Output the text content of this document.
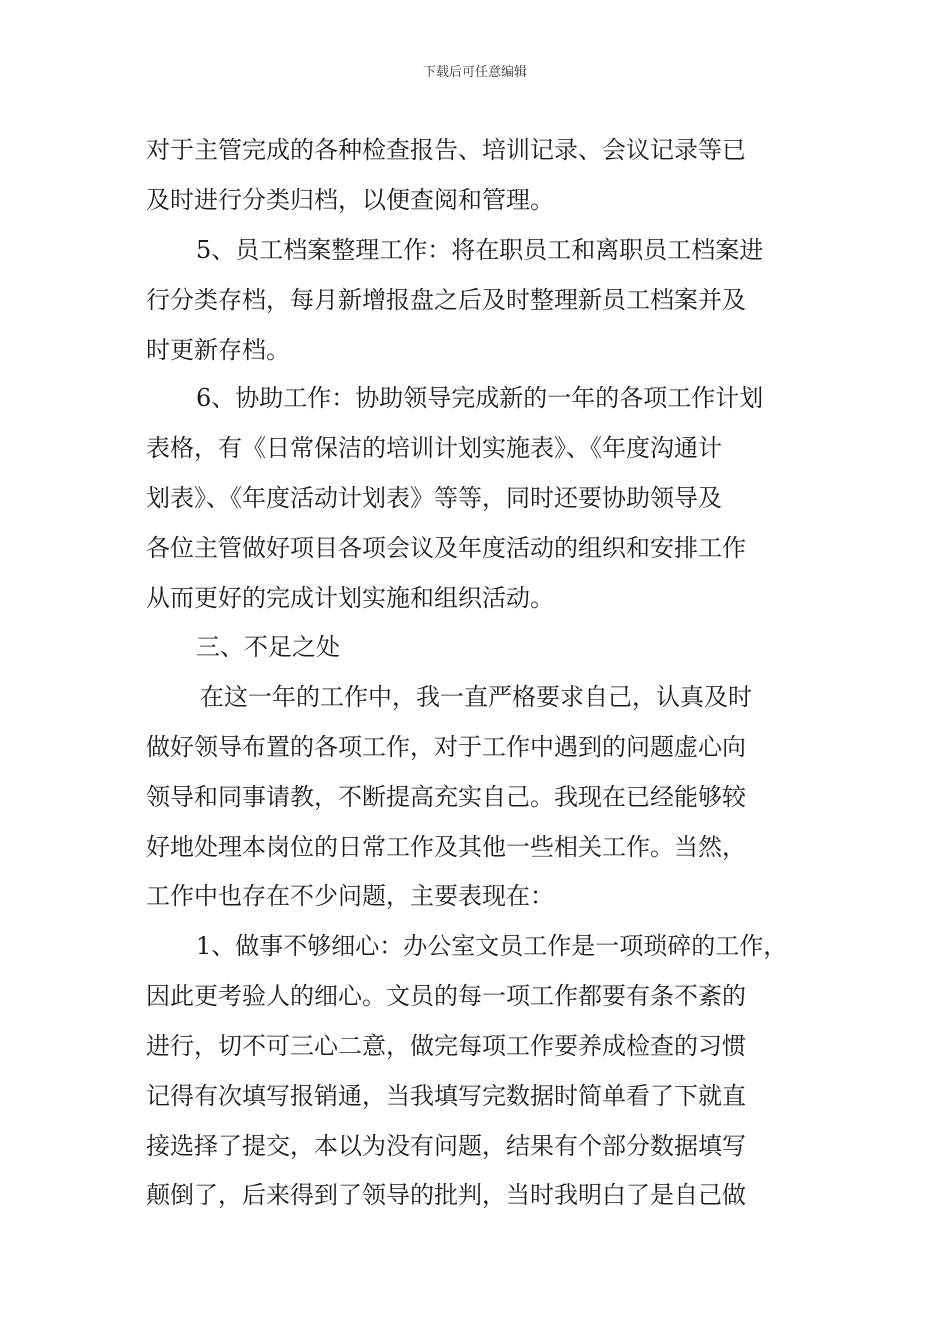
下载后可任意编辑
对于主管完成的各种检查报告、培训记录、会议记录等已
及时进行分类归档，以便查阅和管理。
5、员工档案整理工作：将在职员工和离职员工档案进
行分类存档，每月新增报盘之后及时整理新员工档案并及
时更新存档。
6、协助工作：协助领导完成新的一年的各项工作计划
表格，有《日常保洁的培训计划实施表》、《年度沟通计
划表》、《年度活动计划表》等等，同时还要协助领导及
各位主管做好项目各项会议及年度活动的组织和安排工作
从而更好的完成计划实施和组织活动。
三、不足之处
在这一年的工作中，我一直严格要求自己，认真及时
做好领导布置的各项工作，对于工作中遇到的问题虚心向
领导和同事请教，不断提高充实自己。我现在已经能够较
好地处理本岗位的日常工作及其他一些相关工作。当然，
工作中也存在不少问题，主要表现在：
1、做事不够细心：办公室文员工作是一项琐碎的工作，
因此更考验人的细心。文员的每一项工作都要有条不紊的
进行，切不可三心二意，做完每项工作要养成检查的习惯
记得有次填写报销通，当我填写完数据时简单看了下就直
接选择了提交，本以为没有问题，结果有个部分数据填写
颠倒了，后来得到了领导的批判，当时我明白了是自己做
